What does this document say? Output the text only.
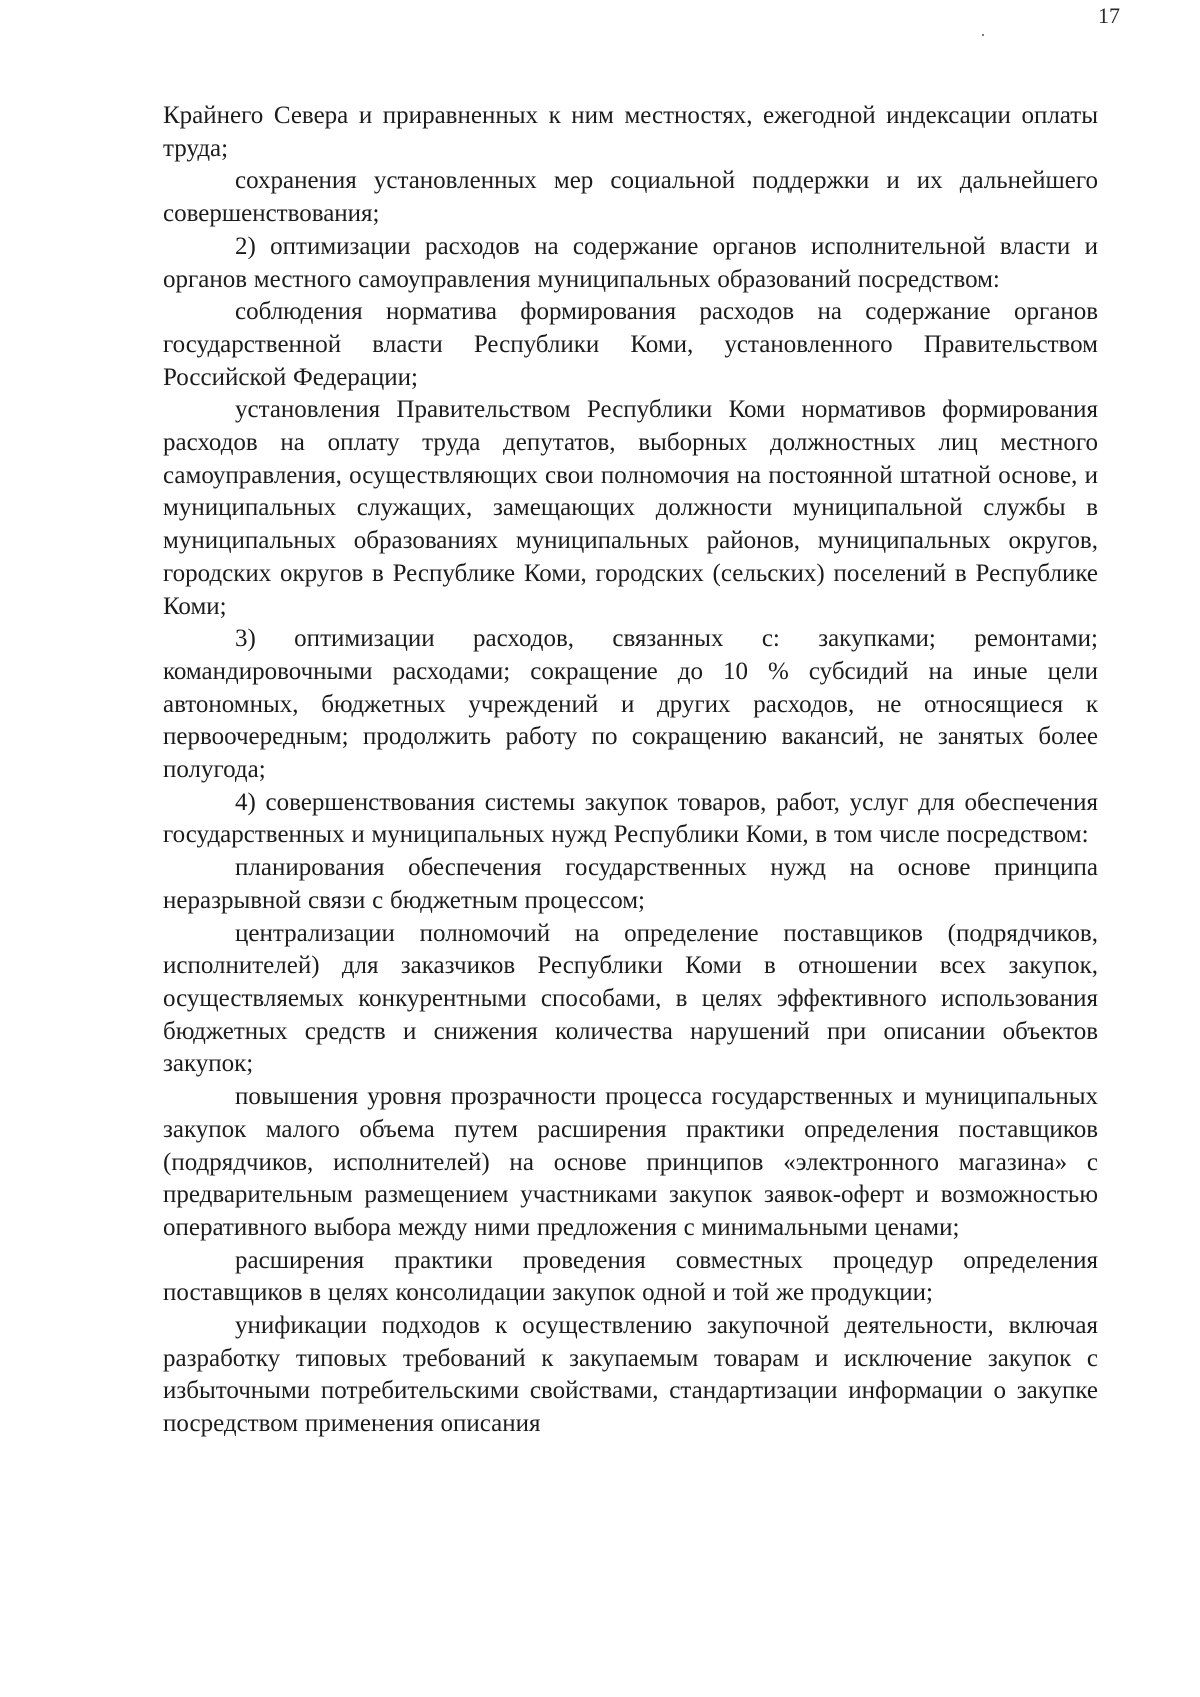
17

Крайнего Севера и приравненных к ним местностях, ежегодной индексации оплаты труда;

сохранения установленных мер социальной поддержки и их дальнейшего совершенствования;

2) оптимизации расходов на содержание органов исполнительной власти и органов местного самоуправления муниципальных образований посредством:

соблюдения норматива формирования расходов на содержание органов государственной власти Республики Коми, установленного Правительством Российской Федерации;

установления Правительством Республики Коми нормативов формирования расходов на оплату труда депутатов, выборных должностных лиц местного самоуправления, осуществляющих свои полномочия на постоянной штатной основе, и муниципальных служащих, замещающих должности муниципальной службы в муниципальных образованиях муниципальных районов, муниципальных округов, городских округов в Республике Коми, городских (сельских) поселений в Республике Коми;

3) оптимизации расходов, связанных с: закупками; ремонтами; командировочными расходами; сокращение до 10 % субсидий на иные цели автономных, бюджетных учреждений и других расходов, не относящиеся к первоочередным; продолжить работу по сокращению вакансий, не занятых более полугода;

4) совершенствования системы закупок товаров, работ, услуг для обеспечения государственных и муниципальных нужд Республики Коми, в том числе посредством:

планирования обеспечения государственных нужд на основе принципа неразрывной связи с бюджетным процессом;

централизации полномочий на определение поставщиков (подрядчиков, исполнителей) для заказчиков Республики Коми в отношении всех закупок, осуществляемых конкурентными способами, в целях эффективного использования бюджетных средств и снижения количества нарушений при описании объектов закупок;

повышения уровня прозрачности процесса государственных и муниципальных закупок малого объема путем расширения практики определения поставщиков (подрядчиков, исполнителей) на основе принципов «электронного магазина» с предварительным размещением участниками закупок заявок-оферт и возможностью оперативного выбора между ними предложения с минимальными ценами;

расширения практики проведения совместных процедур определения поставщиков в целях консолидации закупок одной и той же продукции;

унификации подходов к осуществлению закупочной деятельности, включая разработку типовых требований к закупаемым товарам и исключение закупок с избыточными потребительскими свойствами, стандартизации информации о закупке посредством применения описания
